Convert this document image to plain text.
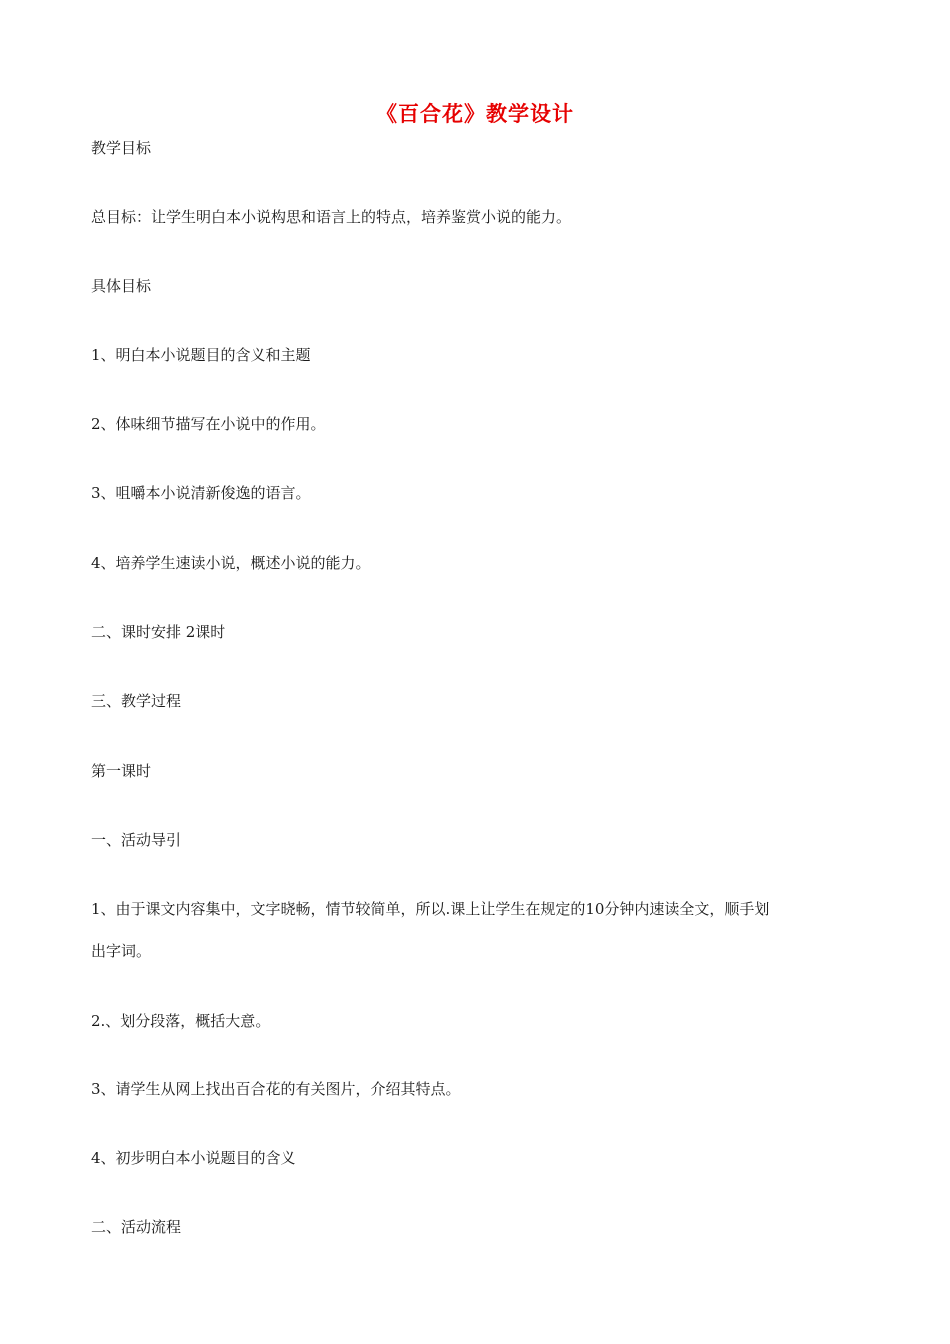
《百合花》教学设计
教学目标
总目标：让学生明白本小说构思和语言上的特点，培养鉴赏小说的能力。
具体目标
1、明白本小说题目的含义和主题
2、体味细节描写在小说中的作用。
3、咀嚼本小说清新俊逸的语言。
4、培养学生速读小说，概述小说的能力。
二、课时安排 2课时
三、教学过程
第一课时
一、活动导引
1、由于课文内容集中，文字晓畅，情节较简单，所以.课上让学生在规定的10分钟内速读全文，顺手划
出字词。
2.、划分段落，概括大意。
3、请学生从网上找出百合花的有关图片，介绍其特点。
4、初步明白本小说题目的含义
二、活动流程
